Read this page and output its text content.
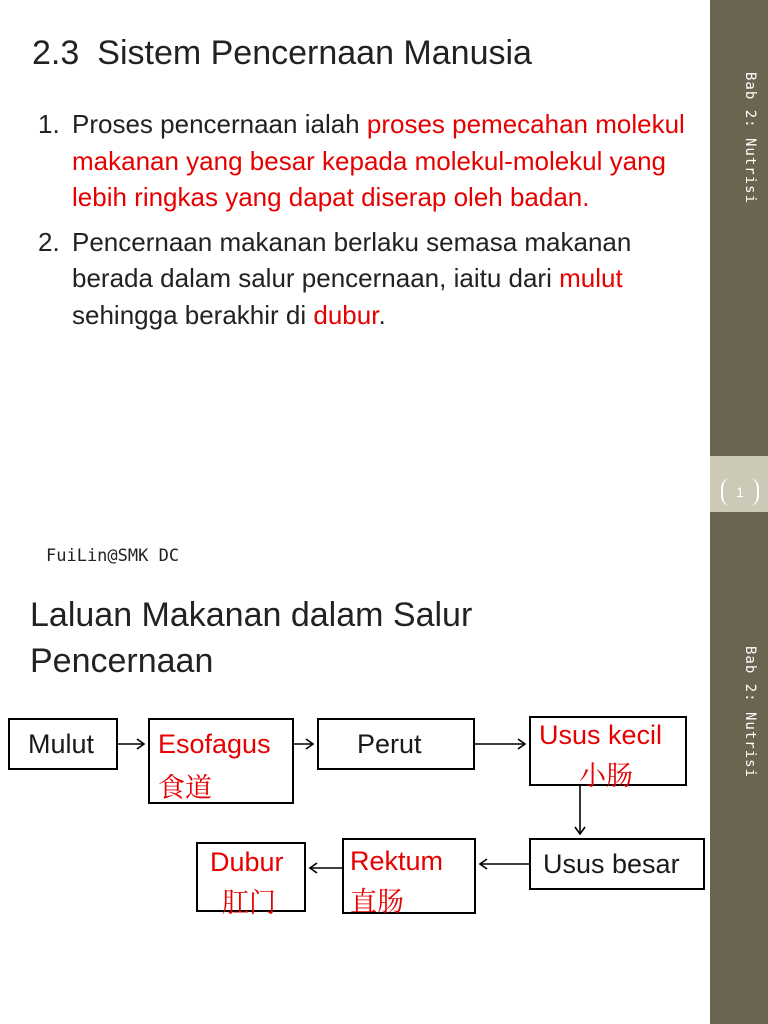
2.3 Sistem Pencernaan Manusia
1. Proses pencernaan ialah proses pemecahan molekul makanan yang besar kepada molekul-molekul yang lebih ringkas yang dapat diserap oleh badan.
2. Pencernaan makanan berlaku semasa makanan berada dalam salur pencernaan, iaitu dari mulut sehingga berakhir di dubur.
Bab 2: Nutrisi
1
Laluan Makanan dalam Salur Pencernaan
Mulut Esofagus
食道
Perut	Usus kecil
小肠
Dubur
肛门
Rektum
直肠
Usus besar
Bab 2: Nutrisi
FuiLin@SMK DC
